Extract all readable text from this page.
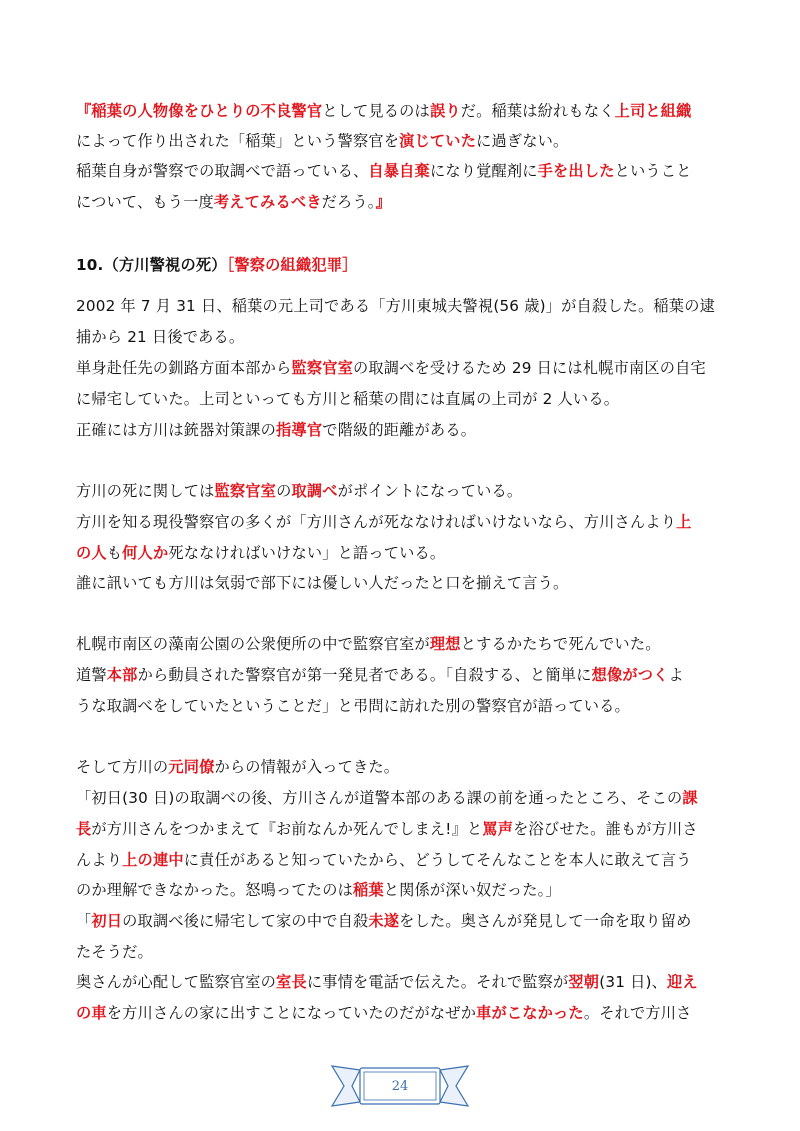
『稲葉の人物像をひとりの不良警官として見るのは誤りだ。稲葉は紛れもなく上司と組織
によって作り出された「稲葉」という警察官を演じていたに過ぎない。
稲葉自身が警察での取調べで語っている、自暴自棄になり覚醒剤に手を出したということ
について、もう一度考えてみるべきだろう。』
10.（方川警視の死）［警察の組織犯罪］
2002 年 7 月 31 日、稲葉の元上司である「方川東城夫警視(56 歳)」が自殺した。稲葉の逮
捕から 21 日後である。
単身赴任先の釧路方面本部から監察官室の取調べを受けるため 29 日には札幌市南区の自宅
に帰宅していた。上司といっても方川と稲葉の間には直属の上司が 2 人いる。
正確には方川は銃器対策課の指導官で階級的距離がある。
方川の死に関しては監察官室の取調べがポイントになっている。
方川を知る現役警察官の多くが「方川さんが死ななければいけないなら、方川さんより上
の人も何人か死ななければいけない」と語っている。
誰に訊いても方川は気弱で部下には優しい人だったと口を揃えて言う。
札幌市南区の藻南公園の公衆便所の中で監察官室が理想とするかたちで死んでいた。
道警本部から動員された警察官が第一発見者である。「自殺する、と簡単に想像がつくよ
うな取調べをしていたということだ」と弔問に訪れた別の警察官が語っている。
そして方川の元同僚からの情報が入ってきた。
「初日(30 日)の取調べの後、方川さんが道警本部のある課の前を通ったところ、そこの課
長が方川さんをつかまえて『お前なんか死んでしまえ!』と罵声を浴びせた。誰もが方川さ
んより上の連中に責任があると知っていたから、どうしてそんなことを本人に敢えて言う
のか理解できなかった。怒鳴ってたのは稲葉と関係が深い奴だった。」
「初日の取調べ後に帰宅して家の中で自殺未遂をした。奥さんが発見して一命を取り留め
たそうだ。
奥さんが心配して監察官室の室長に事情を電話で伝えた。それで監察が翌朝(31 日)、迎え
の車を方川さんの家に出すことになっていたのだがなぜか車がこなかった。それで方川さ
24
